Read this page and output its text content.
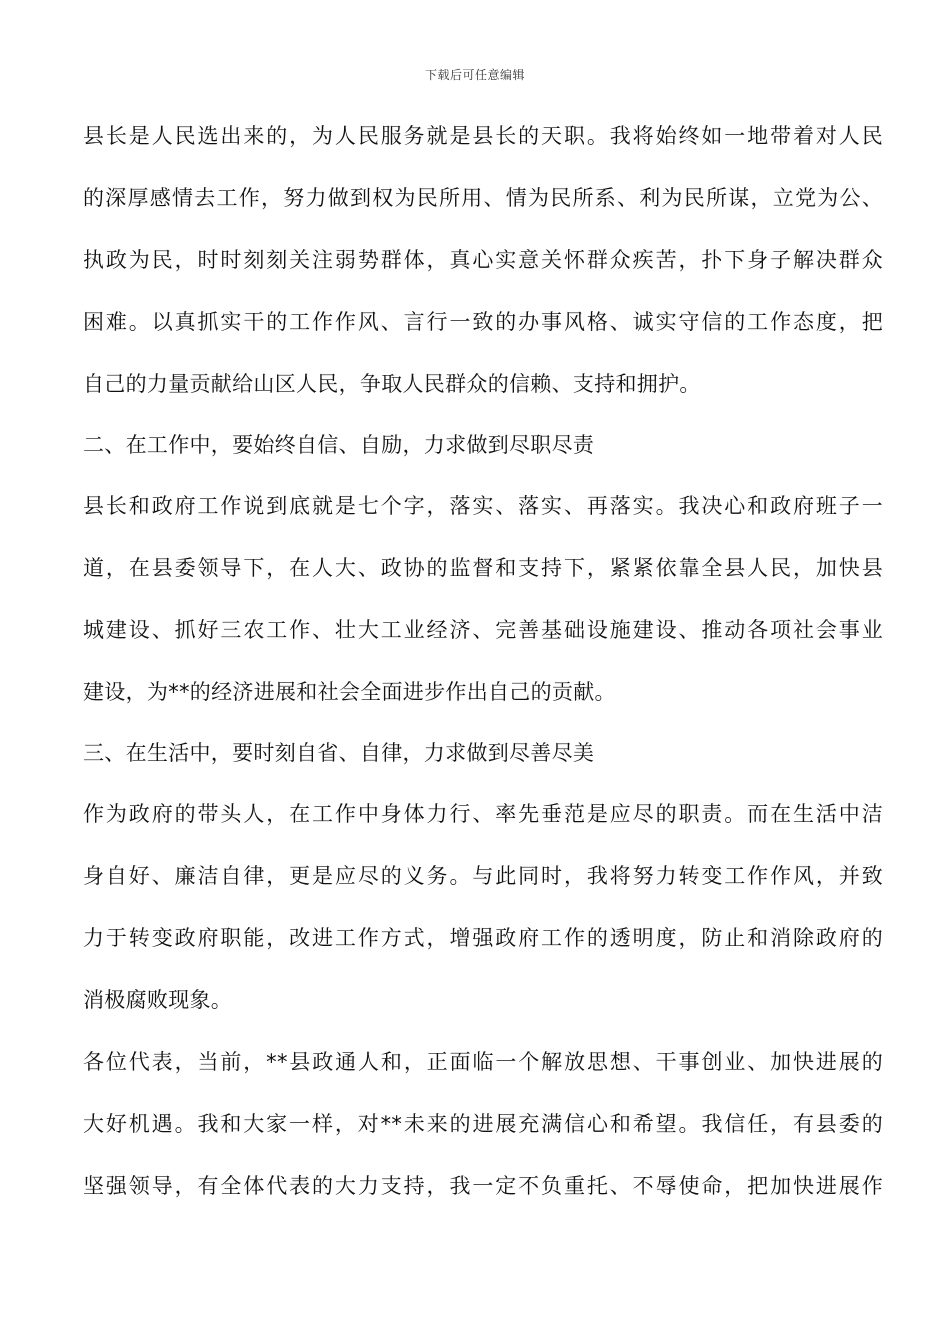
下载后可任意编辑
县长是人民选出来的，为人民服务就是县长的天职。我将始终如一地带着对人民
的深厚感情去工作，努力做到权为民所用、情为民所系、利为民所谋，立党为公、
执政为民，时时刻刻关注弱势群体，真心实意关怀群众疾苦，扑下身子解决群众
困难。以真抓实干的工作作风、言行一致的办事风格、诚实守信的工作态度，把
自己的力量贡献给山区人民，争取人民群众的信赖、支持和拥护。
二、在工作中，要始终自信、自励，力求做到尽职尽责
县长和政府工作说到底就是七个字，落实、落实、再落实。我决心和政府班子一
道，在县委领导下，在人大、政协的监督和支持下，紧紧依靠全县人民，加快县
城建设、抓好三农工作、壮大工业经济、完善基础设施建设、推动各项社会事业
建设，为**的经济进展和社会全面进步作出自己的贡献。
三、在生活中，要时刻自省、自律，力求做到尽善尽美
作为政府的带头人，在工作中身体力行、率先垂范是应尽的职责。而在生活中洁
身自好、廉洁自律，更是应尽的义务。与此同时，我将努力转变工作作风，并致
力于转变政府职能，改进工作方式，增强政府工作的透明度，防止和消除政府的
消极腐败现象。
各位代表，当前，**县政通人和，正面临一个解放思想、干事创业、加快进展的
大好机遇。我和大家一样，对**未来的进展充满信心和希望。我信任，有县委的
坚强领导，有全体代表的大力支持，我一定不负重托、不辱使命，把加快进展作
